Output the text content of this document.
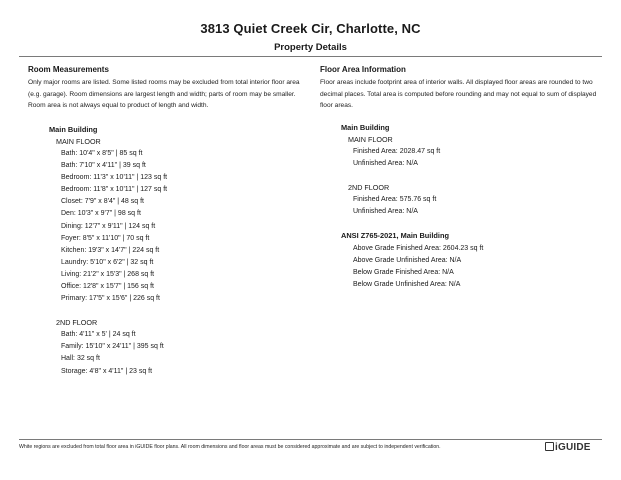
3813 Quiet Creek Cir, Charlotte, NC
Property Details
Room Measurements
Only major rooms are listed. Some listed rooms may be excluded from total interior floor area (e.g. garage). Room dimensions are largest length and width; parts of room may be smaller. Room area is not always equal to product of length and width.
Main Building
MAIN FLOOR
Bath: 10'4" x 8'5" | 85 sq ft
Bath: 7'10" x 4'11" | 39 sq ft
Bedroom: 11'3" x 10'11" | 123 sq ft
Bedroom: 11'8" x 10'11" | 127 sq ft
Closet: 7'9" x 8'4" | 48 sq ft
Den: 10'3" x 9'7" | 98 sq ft
Dining: 12'7" x 9'11" | 124 sq ft
Foyer: 8'5" x 11'10" | 70 sq ft
Kitchen: 19'3" x 14'7" | 224 sq ft
Laundry: 5'10" x 6'2" | 32 sq ft
Living: 21'2" x 15'3" | 268 sq ft
Office: 12'8" x 15'7" | 156 sq ft
Primary: 17'5" x 15'6" | 226 sq ft
2ND FLOOR
Bath: 4'11" x 5' | 24 sq ft
Family: 15'10" x 24'11" | 395 sq ft
Hall: 32 sq ft
Storage: 4'8" x 4'11" | 23 sq ft
Floor Area Information
Floor areas include footprint area of interior walls. All displayed floor areas are rounded to two decimal places. Total area is computed before rounding and may not equal to sum of displayed floor areas.
Main Building
MAIN FLOOR
Finished Area: 2028.47 sq ft
Unfinished Area: N/A
2ND FLOOR
Finished Area: 575.76 sq ft
Unfinished Area: N/A
ANSI Z765-2021, Main Building
Above Grade Finished Area: 2604.23 sq ft
Above Grade Unfinished Area: N/A
Below Grade Finished Area: N/A
Below Grade Unfinished Area: N/A
White regions are excluded from total floor area in iGUIDE floor plans. All room dimensions and floor areas must be considered approximate and are subject to independent verification.	iGUIDE
